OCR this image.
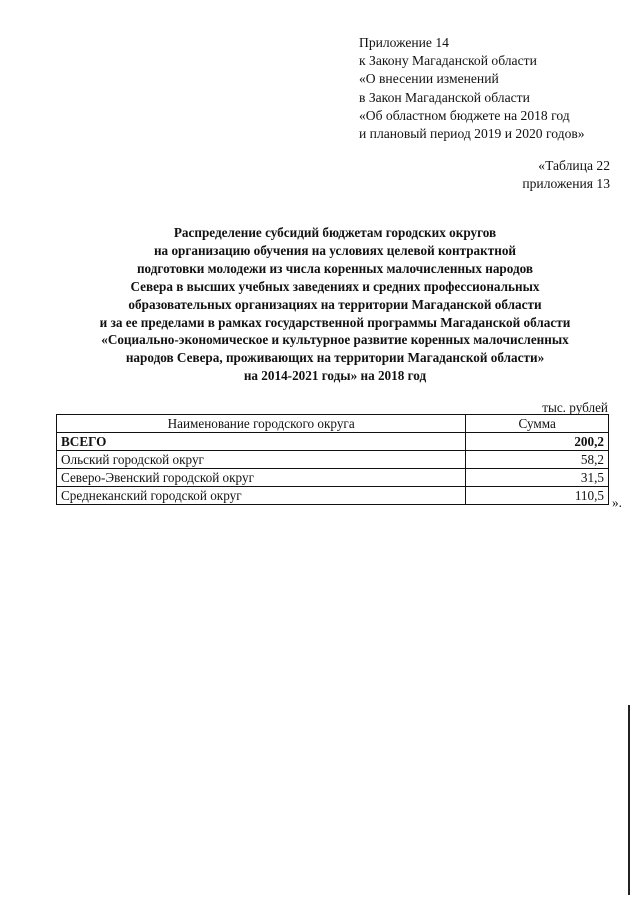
Приложение 14
к Закону Магаданской области
«О внесении изменений
в Закон Магаданской области
«Об областном бюджете на 2018 год
и плановый период 2019 и 2020 годов»
«Таблица 22
приложения 13
Распределение субсидий бюджетам городских округов
на организацию обучения на условиях целевой контрактной
подготовки молодежи из числа коренных малочисленных народов
Севера в высших учебных заведениях и средних профессиональных
образовательных организациях на территории Магаданской области
и за ее пределами в рамках государственной программы Магаданской области
«Социально-экономическое и культурное развитие коренных малочисленных
народов Севера, проживающих на территории Магаданской области»
на 2014-2021 годы» на 2018 год
тыс. рублей
Наименование городского округа	Сумма
ВСЕГО	200,2
Ольский городской округ	58,2
Северо-Эвенский городской округ	31,5
Среднеканский городской округ	110,5 ».
